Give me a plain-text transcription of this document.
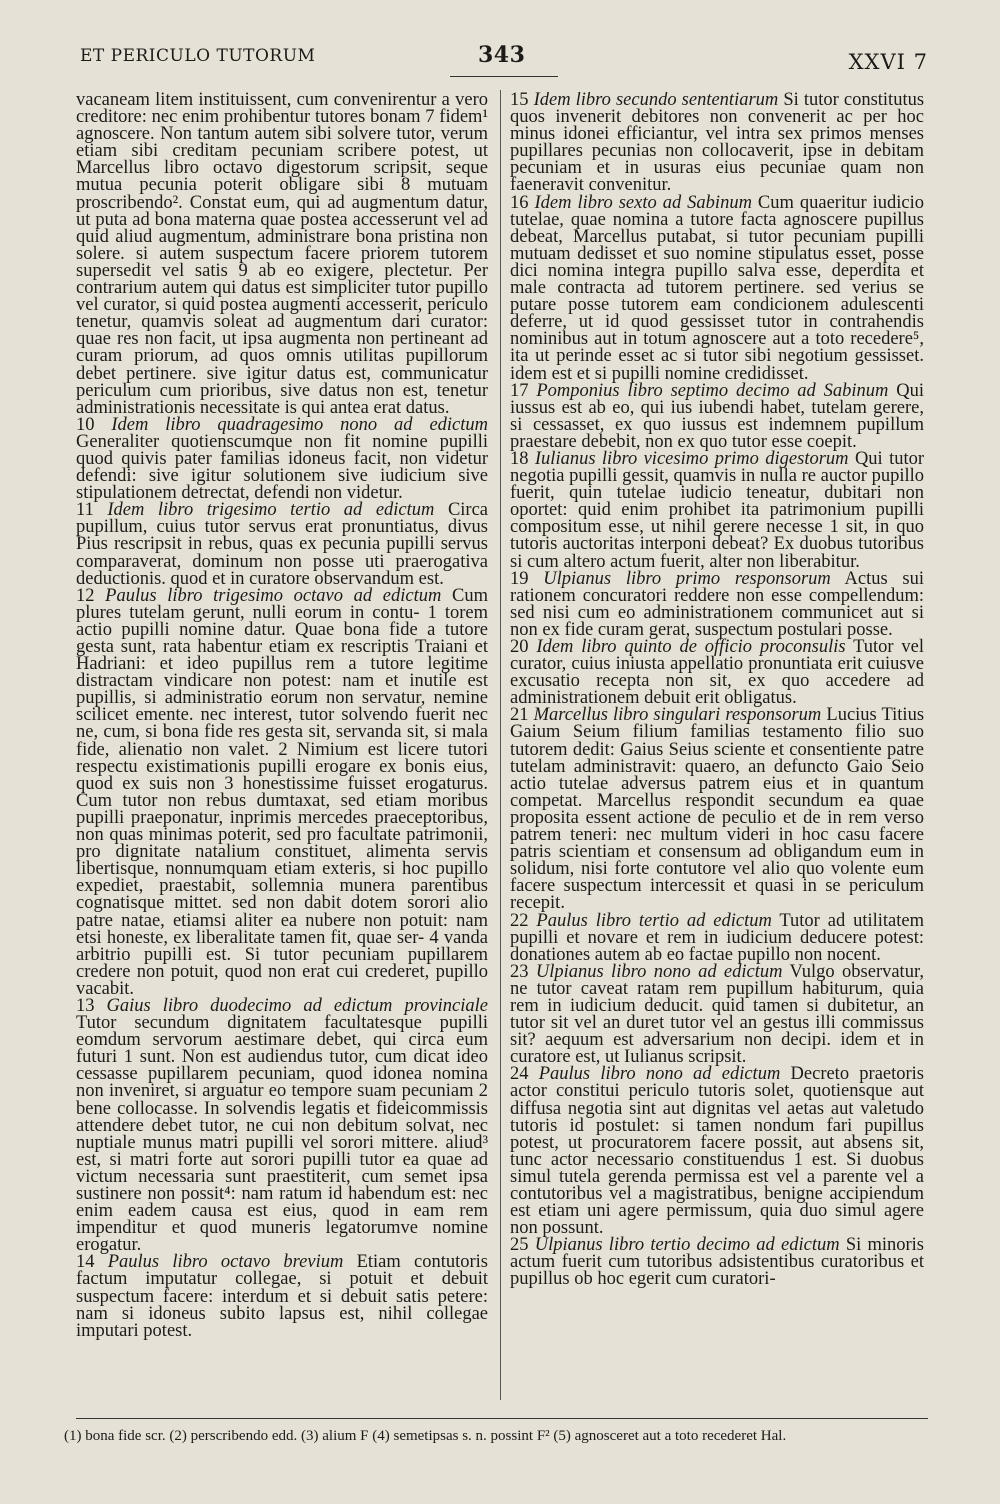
ET PERICULO TUTORUM	343	XXVI 7

vacaneam litem instituissent, cum convenirentur a vero creditore: nec enim prohibentur tutores bonam 7 fidem¹ agnoscere. Non tantum autem sibi solvere tutor, verum etiam sibi creditam pecuniam scribere potest, ut Marcellus libro octavo digestorum scripsit, seque mutua pecunia poterit obligare sibi 8 mutuam proscribendo². Constat eum, qui ad augmentum datur, ut puta ad bona materna quae postea accesserunt vel ad quid aliud augmentum, administrare bona pristina non solere. si autem suspectum facere priorem tutorem supersedit vel satis 9 ab eo exigere, plectetur. Per contrarium autem qui datus est simpliciter tutor pupillo vel curator, si quid postea augmenti accesserit, periculo tenetur, quamvis soleat ad augmentum dari curator: quae res non facit, ut ipsa augmenta non pertineant ad curam priorum, ad quos omnis utilitas pupillorum debet pertinere. sive igitur datus est, communicatur periculum cum prioribus, sive datus non est, tenetur administrationis necessitate is qui antea erat datus.

10 Idem libro quadragesimo nono ad edictum Generaliter quotienscumque non fit nomine pupilli quod quivis pater familias idoneus facit, non videtur defendi: sive igitur solutionem sive iudicium sive stipulationem detrectat, defendi non videtur.

11 Idem libro trigesimo tertio ad edictum Circa pupillum, cuius tutor servus erat pronuntiatus, divus Pius rescripsit in rebus, quas ex pecunia pupilli servus comparaverat, dominum non posse uti praerogativa deductionis. quod et in curatore observandum est.

12 Paulus libro trigesimo octavo ad edictum Cum plures tutelam gerunt, nulli eorum in contu- 1 torem actio pupilli nomine datur. Quae bona fide a tutore gesta sunt, rata habentur etiam ex rescriptis Traiani et Hadriani: et ideo pupillus rem a tutore legitime distractam vindicare non potest: nam et inutile est pupillis, si administratio eorum non servatur, nemine scilicet emente. nec interest, tutor solvendo fuerit nec ne, cum, si bona fide res gesta sit, servanda sit, si mala fide, alienatio non valet. 2 Nimium est licere tutori respectu existimationis pupilli erogare ex bonis eius, quod ex suis non 3 honestissime fuisset erogaturus. Cum tutor non rebus dumtaxat, sed etiam moribus pupilli praeponatur, inprimis mercedes praeceptoribus, non quas minimas poterit, sed pro facultate patrimonii, pro dignitate natalium constituet, alimenta servis libertisque, nonnumquam etiam exteris, si hoc pupillo expediet, praestabit, sollemnia munera parentibus cognatisque mittet. sed non dabit dotem sorori alio patre natae, etiamsi aliter ea nubere non potuit: nam etsi honeste, ex liberalitate tamen fit, quae ser- 4 vanda arbitrio pupilli est. Si tutor pecuniam pupillarem credere non potuit, quod non erat cui crederet, pupillo vacabit.

13 Gaius libro duodecimo ad edictum provinciale Tutor secundum dignitatem facultatesque pupilli eomdum servorum aestimare debet, qui circa eum futuri 1 sunt. Non est audiendus tutor, cum dicat ideo cessasse pupillarem pecuniam, quod idonea nomina non inveniret, si arguatur eo tempore suam pecuniam 2 bene collocasse. In solvendis legatis et fideicommissis attendere debet tutor, ne cui non debitum solvat, nec nuptiale munus matri pupilli vel sorori mittere. aliud³ est, si matri forte aut sorori pupilli tutor ea quae ad victum necessaria sunt praestiterit, cum semet ipsa sustinere non possit⁴: nam ratum id habendum est: nec enim eadem causa est eius, quod in eam rem impenditur et quod muneris legatorumve nomine erogatur.

14 Paulus libro octavo brevium Etiam contutoris factum imputatur collegae, si potuit et debuit suspectum facere: interdum et si debuit satis petere: nam si idoneus subito lapsus est, nihil collegae imputari potest.

15 Idem libro secundo sententiarum Si tutor constitutus quos invenerit debitores non convenerit ac per hoc minus idonei efficiantur, vel intra sex primos menses pupillares pecunias non collocaverit, ipse in debitam pecuniam et in usuras eius pecuniae quam non faeneravit convenitur.

16 Idem libro sexto ad Sabinum Cum quaeritur iudicio tutelae, quae nomina a tutore facta agnoscere pupillus debeat, Marcellus putabat, si tutor pecuniam pupilli mutuam dedisset et suo nomine stipulatus esset, posse dici nomina integra pupillo salva esse, deperdita et male contracta ad tutorem pertinere. sed verius se putare posse tutorem eam condicionem adulescenti deferre, ut id quod gessisset tutor in contrahendis nominibus aut in totum agnoscere aut a toto recedere⁵, ita ut perinde esset ac si tutor sibi negotium gessisset. idem est et si pupilli nomine credidisset.

17 Pomponius libro septimo decimo ad Sabinum Qui iussus est ab eo, qui ius iubendi habet, tutelam gerere, si cessasset, ex quo iussus est indemnem pupillum praestare debebit, non ex quo tutor esse coepit.

18 Iulianus libro vicesimo primo digestorum Qui tutor negotia pupilli gessit, quamvis in nulla re auctor pupillo fuerit, quin tutelae iudicio teneatur, dubitari non oportet: quid enim prohibet ita patrimonium pupilli compositum esse, ut nihil gerere necesse 1 sit, in quo tutoris auctoritas interponi debeat? Ex duobus tutoribus si cum altero actum fuerit, alter non liberabitur.

19 Ulpianus libro primo responsorum Actus sui rationem concuratori reddere non esse compellendum: sed nisi cum eo administrationem communicet aut si non ex fide curam gerat, suspectum postulari posse.

20 Idem libro quinto de officio proconsulis Tutor vel curator, cuius iniusta appellatio pronuntiata erit cuiusve excusatio recepta non sit, ex quo accedere ad administrationem debuit erit obligatus.

21 Marcellus libro singulari responsorum Lucius Titius Gaium Seium filium familias testamento filio suo tutorem dedit: Gaius Seius sciente et consentiente patre tutelam administravit: quaero, an defuncto Gaio Seio actio tutelae adversus patrem eius et in quantum competat. Marcellus respondit secundum ea quae proposita essent actione de peculio et de in rem verso patrem teneri: nec multum videri in hoc casu facere patris scientiam et consensum ad obligandum eum in solidum, nisi forte contutore vel alio quo volente eum facere suspectum intercessit et quasi in se periculum recepit.

22 Paulus libro tertio ad edictum Tutor ad utilitatem pupilli et novare et rem in iudicium deducere potest: donationes autem ab eo factae pupillo non nocent.

23 Ulpianus libro nono ad edictum Vulgo observatur, ne tutor caveat ratam rem pupillum habiturum, quia rem in iudicium deducit. quid tamen si dubitetur, an tutor sit vel an duret tutor vel an gestus illi commissus sit? aequum est adversarium non decipi. idem et in curatore est, ut Iulianus scripsit.

24 Paulus libro nono ad edictum Decreto praetoris actor constitui periculo tutoris solet, quotiensque aut diffusa negotia sint aut dignitas vel aetas aut valetudo tutoris id postulet: si tamen nondum fari pupillus potest, ut procuratorem facere possit, aut absens sit, tunc actor necessario constituendus 1 est. Si duobus simul tutela gerenda permissa est vel a parente vel a contutoribus vel a magistratibus, benigne accipiendum est etiam uni agere permissum, quia duo simul agere non possunt.

25 Ulpianus libro tertio decimo ad edictum Si minoris actum fuerit cum tutoribus adsistentibus curatoribus et pupillus ob hoc egerit cum curatori-

(1) bona fide scr. (2) perscribendo edd. (3) alium F (4) semetipsas s. n. possint F² (5) agnosceret aut a toto recederet Hal.
